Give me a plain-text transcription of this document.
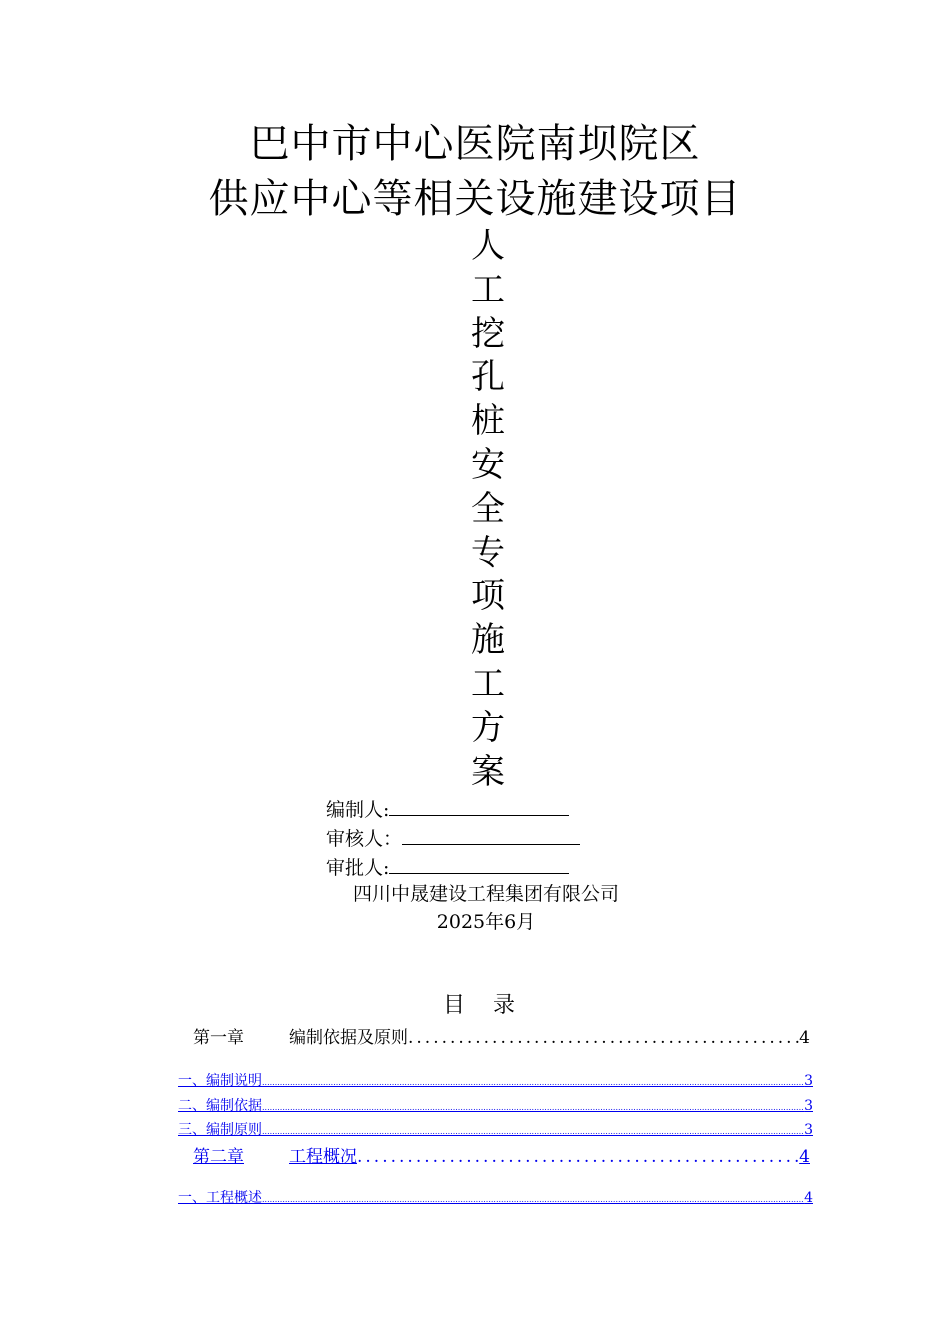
巴中市中心医院南坝院区
供应中心等相关设施建设项目
人
工
挖
孔
桩
安
全
专
项
施
工
方
案
编制人:
审核人：
审批人:
四川中晟建设工程集团有限公司
2025年6月
目录
第一章	编制依据及原则 .....	4
一、编制说明 .....	3
二、编制依据 .....	3
三、编制原则 .....	3
第二章	工程概况 .....	4
一、工程概述 .....	4
